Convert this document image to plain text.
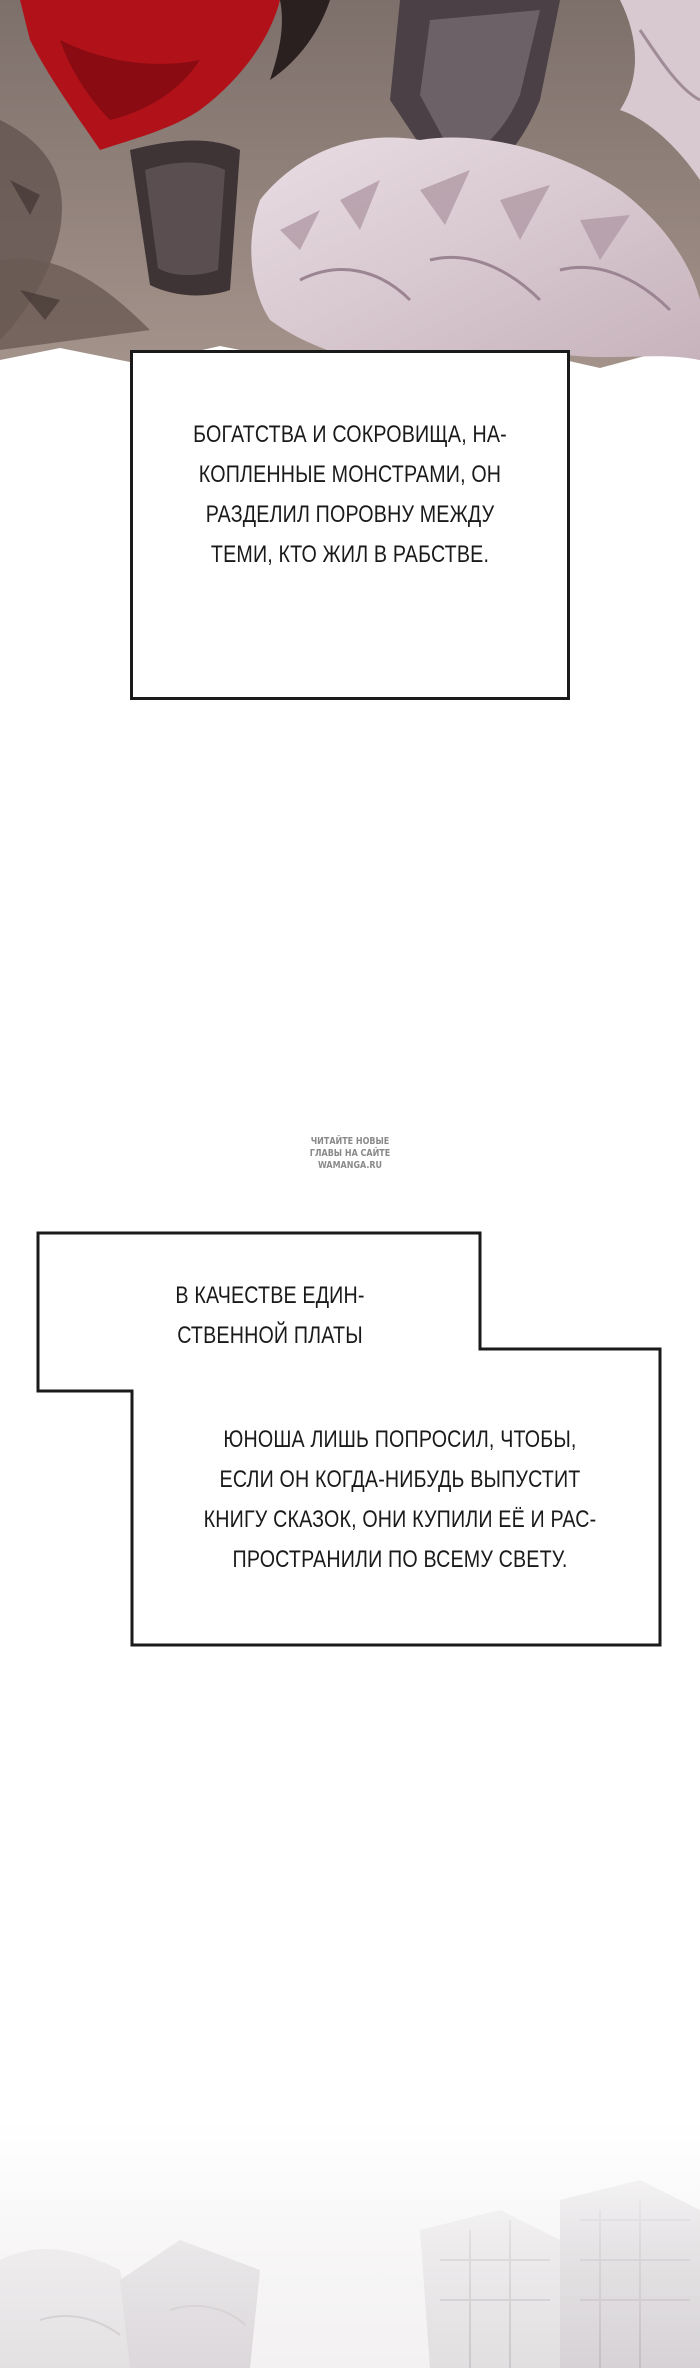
БОГАТСТВА И СОКРОВИЩА, НА-
КОПЛЕННЫЕ МОНСТРАМИ, ОН
РАЗДЕЛИЛ ПОРОВНУ МЕЖДУ
ТЕМИ, КТО ЖИЛ В РАБСТВЕ.
ЧИТАЙТЕ НОВЫЕ
ГЛАВЫ НА САЙТЕ
WAMANGA.RU
В КАЧЕСТВЕ ЕДИН-
СТВЕННОЙ ПЛАТЫ
ЮНОША ЛИШЬ ПОПРОСИЛ, ЧТОБЫ,
ЕСЛИ ОН КОГДА-НИБУДЬ ВЫПУСТИТ
КНИГУ СКАЗОК, ОНИ КУПИЛИ ЕЁ И РАС-
ПРОСТРАНИЛИ ПО ВСЕМУ СВЕТУ.
